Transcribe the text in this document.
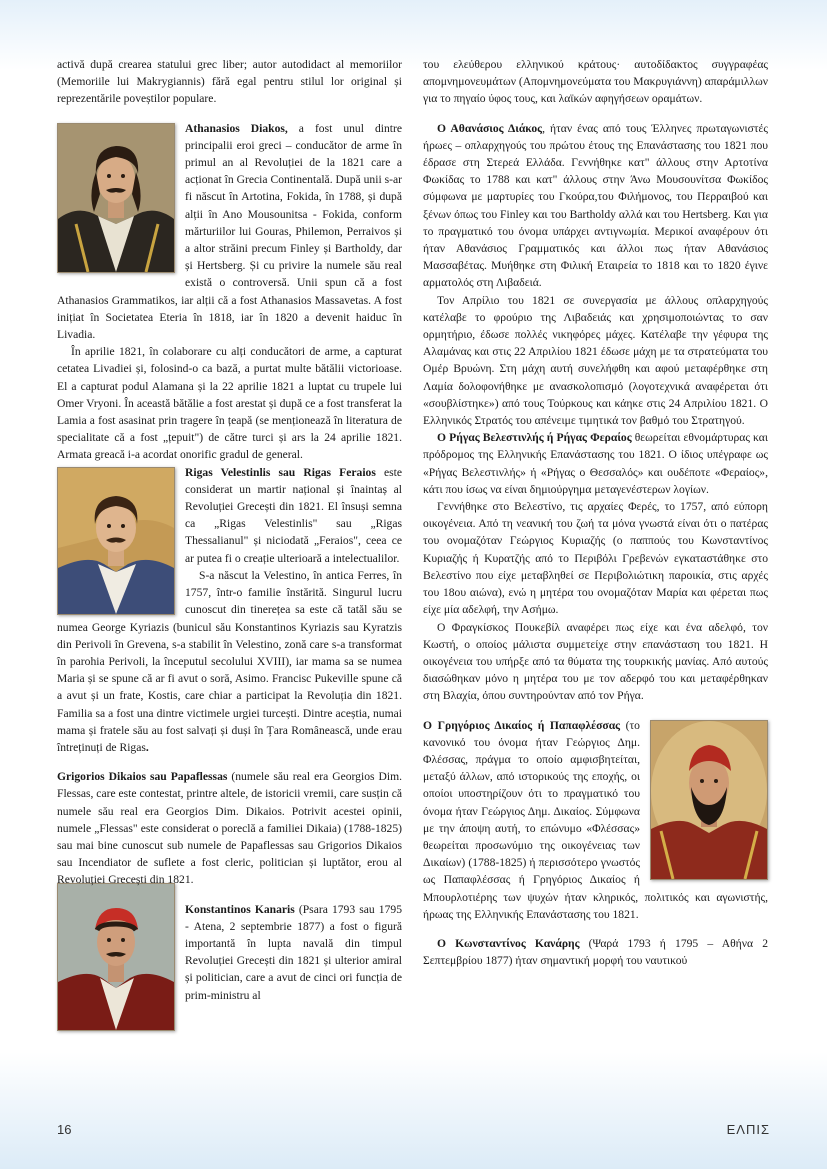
activă după crearea statului grec liber; autor autodidact al memoriilor (Memoriile lui Makrygiannis) fără egal pentru stilul lor original și reprezentările poveștilor populare.

Athanasios Diakos, a fost unul dintre principalii eroi greci – conducător de arme în primul an al Revoluției de la 1821 care a acționat în Grecia Continentală. După unii s-ar fi născut în Artotina, Fokida, în 1788, și după alții în Ano Mousounitsa - Fokida, conform mărturiilor lui Gouras, Philemon, Perraivos și a altor străini precum Finley și Bartholdy, dar și Hertsberg. Și cu privire la numele său real există o controversă. Unii spun că a fost Athanasios Grammatikos, iar alții că a fost Athanasios Massavetas. A fost inițiat în Societatea Eteria în 1818, iar în 1820 a devenit haiduc în Livadia.

În aprilie 1821, în colaborare cu alți conducători de arme, a capturat cetatea Livadiei și, folosind-o ca bază, a purtat multe bătălii victorioase. El a capturat podul Alamana și la 22 aprilie 1821 a luptat cu trupele lui Omer Vryoni. În această bătălie a fost arestat și după ce a fost transferat la Lamia a fost asasinat prin tragere în țeapă (se menționează în literatura de specialitate că a fost „țepuit") de către turci și ars la 24 aprilie 1821. Armata greacă i-a acordat onorific gradul de general.

Rigas Velestinlis sau Rigas Feraios este considerat un martir național și înaintaș al Revoluției Grecești din 1821. El însuși semna ca „Rigas Velestinlis" sau „Rigas Thessalianul" și niciodată „Feraios", ceea ce ar putea fi o creație ulterioară a intelectualilor.

S-a născut la Velestino, în antica Ferres, în 1757, într-o familie înstărită. Singurul lucru cunoscut din tinerețea sa este că tatăl său se numea George Kyriazis (bunicul său Konstantinos Kyriazis sau Kyratzis din Perivoli în Grevena, s-a stabilit în Velestino, zonă care s-a transformat în parohia Perivoli, la începutul secolului XVIII), iar mama sa se numea Maria și se spune că ar fi avut o soră, Asimo. Francisc Pukeville spune că a avut și un frate, Kostis, care chiar a participat la Revoluția din 1821. Familia sa a fost una dintre victimele urgiei turcești. Dintre aceștia, numai mama și fratele său au fost salvați și duși în Țara Românească, unde erau întreținuți de Rigas.

Grigorios Dikaios sau Papaflessas (numele său real era Georgios Dim. Flessas, care este contestat, printre altele, de istoricii vremii, care susțin că numele său real era Georgios Dim. Dikaios. Potrivit acestei opinii, numele „Flessas" este considerat o poreclă a familiei Dikaia) (1788-1825) sau mai bine cunoscut sub numele de Papaflessas sau Grigorios Dikaios sau Incendiator de suflete a fost cleric, politician și luptător, erou al Revoluției Grecești din 1821.

Konstantinos Kanaris (Psara 1793 sau 1795 - Atena, 2 septembrie 1877) a fost o figură importantă în lupta navală din timpul Revoluției Grecești din 1821 și ulterior amiral și politician, care a avut de cinci ori funcția de prim-ministru al

του ελεύθερου ελληνικού κράτους· αυτοδίδακτος συγγραφέας απομνημονευμάτων (Απομνημονεύματα του Μακρυγιάννη) απαράμιλλων για το πηγαίο ύφος τους, και λαϊκών αφηγήσεων οραμάτων.

Ο Αθανάσιος Διάκος, ήταν ένας από τους Έλληνες πρωταγωνιστές ήρωες – οπλαρχηγούς του πρώτου έτους της Επανάστασης του 1821 που έδρασε στη Στερεά Ελλάδα. Γεννήθηκε κατ" άλλους στην Αρτοτίνα Φωκίδας το 1788 και κατ" άλλους στην Άνω Μουσουνίτσα Φωκίδος σύμφωνα με μαρτυρίες του Γκούρα,του Φιλήμονος, του Περραιβού και ξένων όπως του Finley και του Bartholdy αλλά και του Hertsberg. Και για το πραγματικό του όνομα υπάρχει αντιγνωμία. Μερικοί αναφέρουν ότι ήταν Αθανάσιος Γραμματικός και άλλοι πως ήταν Αθανάσιος Μασσαβέτας. Μυήθηκε στη Φιλική Εταιρεία το 1818 και το 1820 έγινε αρματολός στη Λιβαδειά.

Τον Απρίλιο του 1821 σε συνεργασία με άλλους οπλαρχηγούς κατέλαβε το φρούριο της Λιβαδειάς και χρησιμοποιώντας το σαν ορμητήριο, έδωσε πολλές νικηφόρες μάχες. Κατέλαβε την γέφυρα της Αλαμάνας και στις 22 Απριλίου 1821 έδωσε μάχη με τα στρατεύματα του Ομέρ Βρυώνη. Στη μάχη αυτή συνελήφθη και αφού μεταφέρθηκε στη Λαμία δολοφονήθηκε με ανασκολοπισμό (λογοτεχνικά αναφέρεται ότι «σουβλίστηκε») από τους Τούρκους και κάηκε στις 24 Απριλίου 1821. Ο Ελληνικός Στρατός του απένειμε τιμητικά τον βαθμό του Στρατηγού.

Ο Ρήγας Βελεστινλής ή Ρήγας Φεραίος θεωρείται εθνομάρτυρας και πρόδρομος της Ελληνικής Επανάστασης του 1821. Ο ίδιος υπέγραφε ως «Ρήγας Βελεστινλής» ή «Ρήγας ο Θεσσαλός» και ουδέποτε «Φεραίος», κάτι που ίσως να είναι δημιούργημα μεταγενέστερων λογίων.

Γεννήθηκε στο Βελεστίνο, τις αρχαίες Φερές, το 1757, από εύπορη οικογένεια. Από τη νεανική του ζωή τα μόνα γνωστά είναι ότι ο πατέρας του ονομαζόταν Γεώργιος Κυριαζής (ο παππούς του Κωνσταντίνος Κυριαζής ή Κυρατζής από το Περιβόλι Γρεβενών εγκαταστάθηκε στο Βελεστίνο που είχε μεταβληθεί σε Περιβολιώτικη παροικία, στις αρχές του 18ου αιώνα), ενώ η μητέρα του ονομαζόταν Μαρία και φέρεται πως είχε μία αδελφή, την Ασήμω.

Ο Φραγκίσκος Πουκεβίλ αναφέρει πως είχε και ένα αδελφό, τον Κωστή, ο οποίος μάλιστα συμμετείχε στην επανάσταση του 1821. Η οικογένεια του υπήρξε από τα θύματα της τουρκικής μανίας. Από αυτούς διασώθηκαν μόνο η μητέρα του με τον αδερφό του και μεταφέρθηκαν στη Βλαχία, όπου συντηρούνταν από τον Ρήγα.

Ο Γρηγόριος Δικαίος ή Παπαφλέσσας (το κανονικό του όνομα ήταν Γεώργιος Δημ. Φλέσσας, πράγμα το οποίο αμφισβητείται, μεταξύ άλλων, από ιστορικούς της εποχής, οι οποίοι υποστηρίζουν ότι το πραγματικό του όνομα ήταν Γεώργιος Δημ. Δικαίος. Σύμφωνα με την άποψη αυτή, το επώνυμο «Φλέσσας» θεωρείται προσωνύμιο της οικογένειας των Δικαίων) (1788-1825) ή περισσότερο γνωστός ως Παπαφλέσσας ή Γρηγόριος Δικαίος ή Μπουρλοτιέρης των ψυχών ήταν κληρικός, πολιτικός και αγωνιστής, ήρωας της Ελληνικής Επανάστασης του 1821.

Ο Κωνσταντίνος Κανάρης (Ψαρά 1793 ή 1795 – Αθήνα 2 Σεπτεμβρίου 1877) ήταν σημαντική μορφή του ναυτικού

16	ΕΛΠΙΣ
